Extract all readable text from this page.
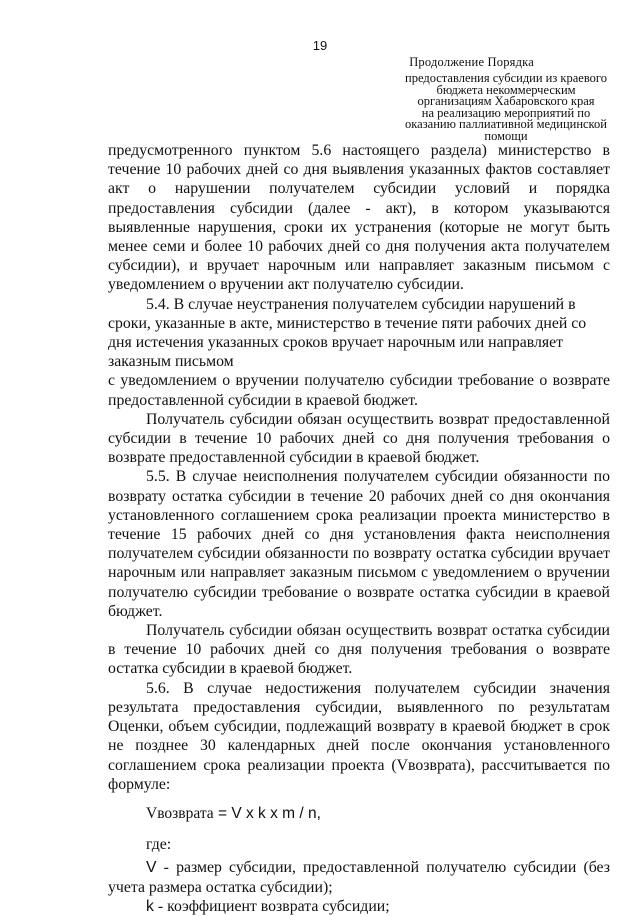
19
Продолжение Порядка
предоставления субсидии из краевого
бюджета некоммерческим
организациям Хабаровского края
на реализацию мероприятий по
оказанию паллиативной медицинской
помощи

предусмотренного пунктом 5.6 настоящего раздела) министерство в течение 10 рабочих дней со дня выявления указанных фактов составляет акт о нарушении получателем субсидии условий и порядка предоставления субсидии (далее - акт), в котором указываются выявленные нарушения, сроки их устранения (которые не могут быть менее семи и более 10 рабочих дней со дня получения акта получателем субсидии), и вручает нарочным или направляет заказным письмом с уведомлением о вручении акт получателю субсидии.

5.4. В случае неустранения получателем субсидии нарушений в сроки, указанные в акте, министерство в течение пяти рабочих дней со дня истечения указанных сроков вручает нарочным или направляет заказным письмом

с уведомлением о вручении получателю субсидии требование о возврате предоставленной субсидии в краевой бюджет.

Получатель субсидии обязан осуществить возврат предоставленной субсидии в течение 10 рабочих дней со дня получения требования о возврате предоставленной субсидии в краевой бюджет.

5.5. В случае неисполнения получателем субсидии обязанности по возврату остатка субсидии в течение 20 рабочих дней со дня окончания установленного соглашением срока реализации проекта министерство в течение 15 рабочих дней со дня установления факта неисполнения получателем субсидии обязанности по возврату остатка субсидии вручает нарочным или направляет заказным письмом с уведомлением о вручении получателю субсидии требование о возврате остатка субсидии в краевой бюджет.

Получатель субсидии обязан осуществить возврат остатка субсидии в течение 10 рабочих дней со дня получения требования о возврате остатка субсидии в краевой бюджет.

5.6. В случае недостижения получателем субсидии значения результата предоставления субсидии, выявленного по результатам Оценки, объем субсидии, подлежащий возврату в краевой бюджет в срок не позднее 30 календарных дней после окончания установленного соглашением срока реализации проекта (Vвозврата), рассчитывается по формуле:

Vвозврата = V x k x m / n,

где:

V - размер субсидии, предоставленной получателю субсидии (без учета размера остатка субсидии);

k - коэффициент возврата субсидии;
